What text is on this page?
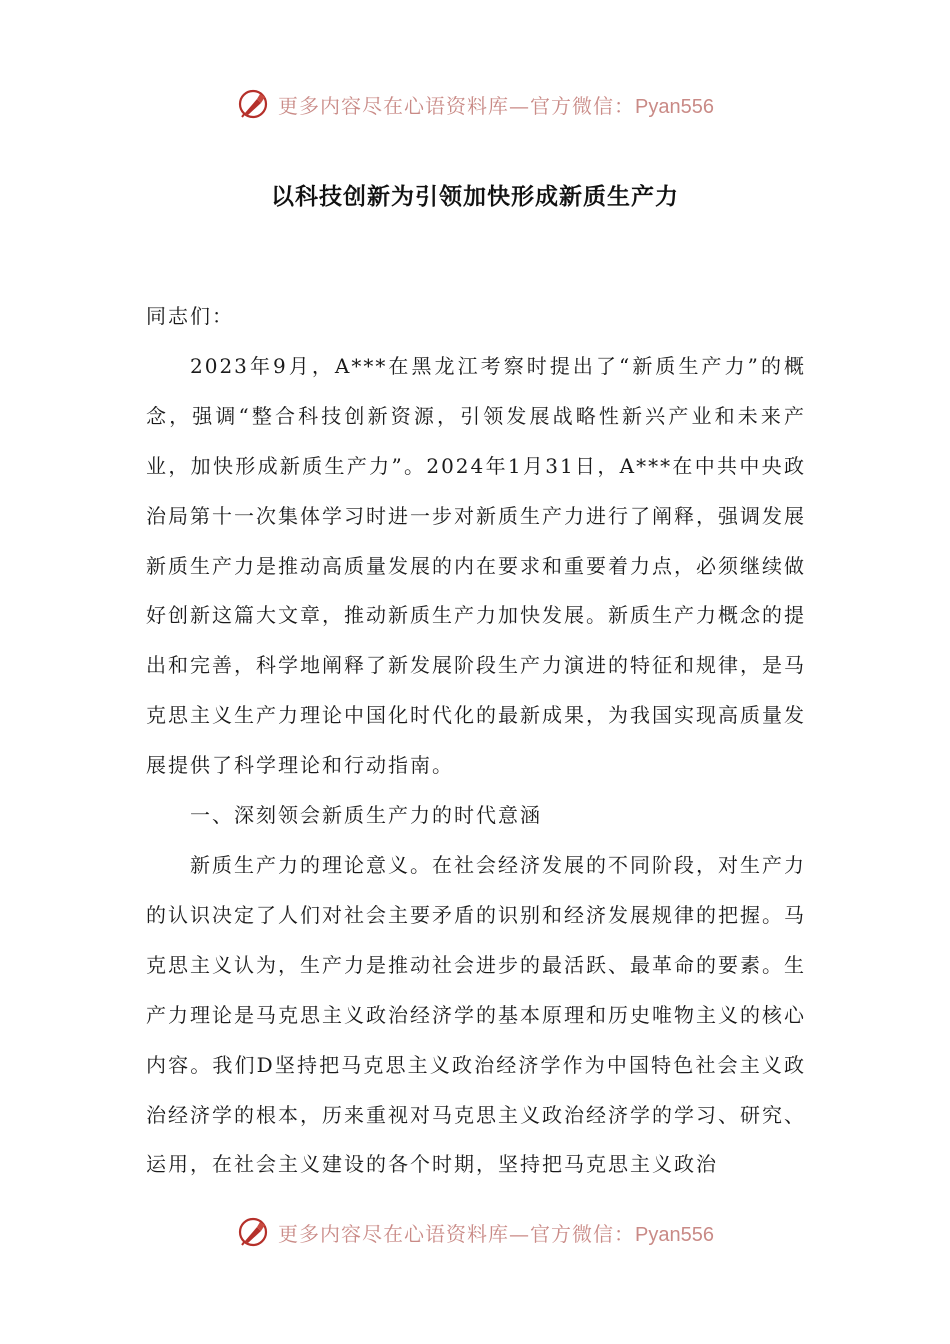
更多内容尽在心语资料库—官方微信：Pyan556
以科技创新为引领加快形成新质生产力

同志们：

2023年9月，A***在黑龙江考察时提出了“新质生产力”的概念，强调“整合科技创新资源，引领发展战略性新兴产业和未来产业，加快形成新质生产力”。2024年1月31日，A***在中共中央政治局第十一次集体学习时进一步对新质生产力进行了阐释，强调发展新质生产力是推动高质量发展的内在要求和重要着力点，必须继续做好创新这篇大文章，推动新质生产力加快发展。新质生产力概念的提出和完善，科学地阐释了新发展阶段生产力演进的特征和规律，是马克思主义生产力理论中国化时代化的最新成果，为我国实现高质量发展提供了科学理论和行动指南。

一、深刻领会新质生产力的时代意涵

新质生产力的理论意义。在社会经济发展的不同阶段，对生产力的认识决定了人们对社会主要矛盾的识别和经济发展规律的把握。马克思主义认为，生产力是推动社会进步的最活跃、最革命的要素。生产力理论是马克思主义政治经济学的基本原理和历史唯物主义的核心内容。我们D坚持把马克思主义政治经济学作为中国特色社会主义政治经济学的根本，历来重视对马克思主义政治经济学的学习、研究、运用，在社会主义建设的各个时期，坚持把马克思主义政治

更多内容尽在心语资料库—官方微信：Pyan556
